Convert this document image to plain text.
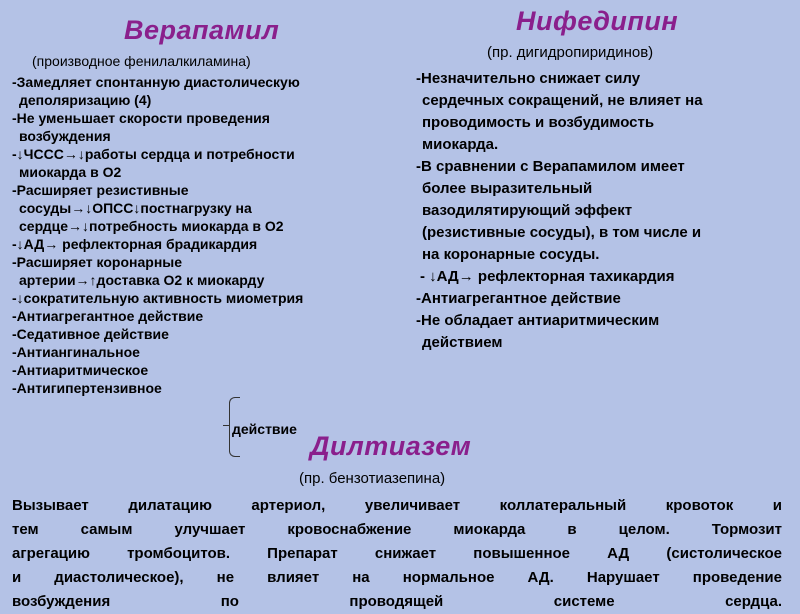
Верапамил

(производное фенилалкиламина)

-Замедляет спонтанную диастолическую
деполяризацию (4)
-Не уменьшает скорости проведения
возбуждения
-↓ЧССС→↓работы сердца и потребности
миокарда в О2
-Расширяет резистивные
сосуды→↓ОПСС↓постнагрузку на
сердце→↓потребность миокарда в О2
-↓АД→ рефлекторная брадикардия
-Расширяет коронарные
артерии→↑доставка О2 к миокарду
-↓сократительную активность миометрия
-Антиагрегантное действие
-Седативное действие
-Антиангинальное
-Антиаритмическое
-Антигипертензивное
действие
Нифедипин

(пр. дигидропиридинов)

-Незначительно снижает силу
сердечных сокращений, не влияет на
проводимость и возбудимость
миокарда.
-В сравнении с Верапамилом имеет
более выразительный
вазодилятирующий эффект
(резистивные сосуды), в том числе и
на коронарные сосуды.
- ↓АД→ рефлекторная тахикардия
-Антиагрегантное действие
-Не обладает антиаритмическим
действием
Дилтиазем

(пр. бензотиазепина)

Вызывает дилатацию артериол, увеличивает коллатеральный кровоток и
тем самым улучшает кровоснабжение миокарда в целом. Тормозит
агрегацию тромбоцитов. Препарат снижает повышенное АД (систолическое
и диастолическое), не влияет на нормальное АД. Нарушает проведение
возбуждения по проводящей системе сердца.
